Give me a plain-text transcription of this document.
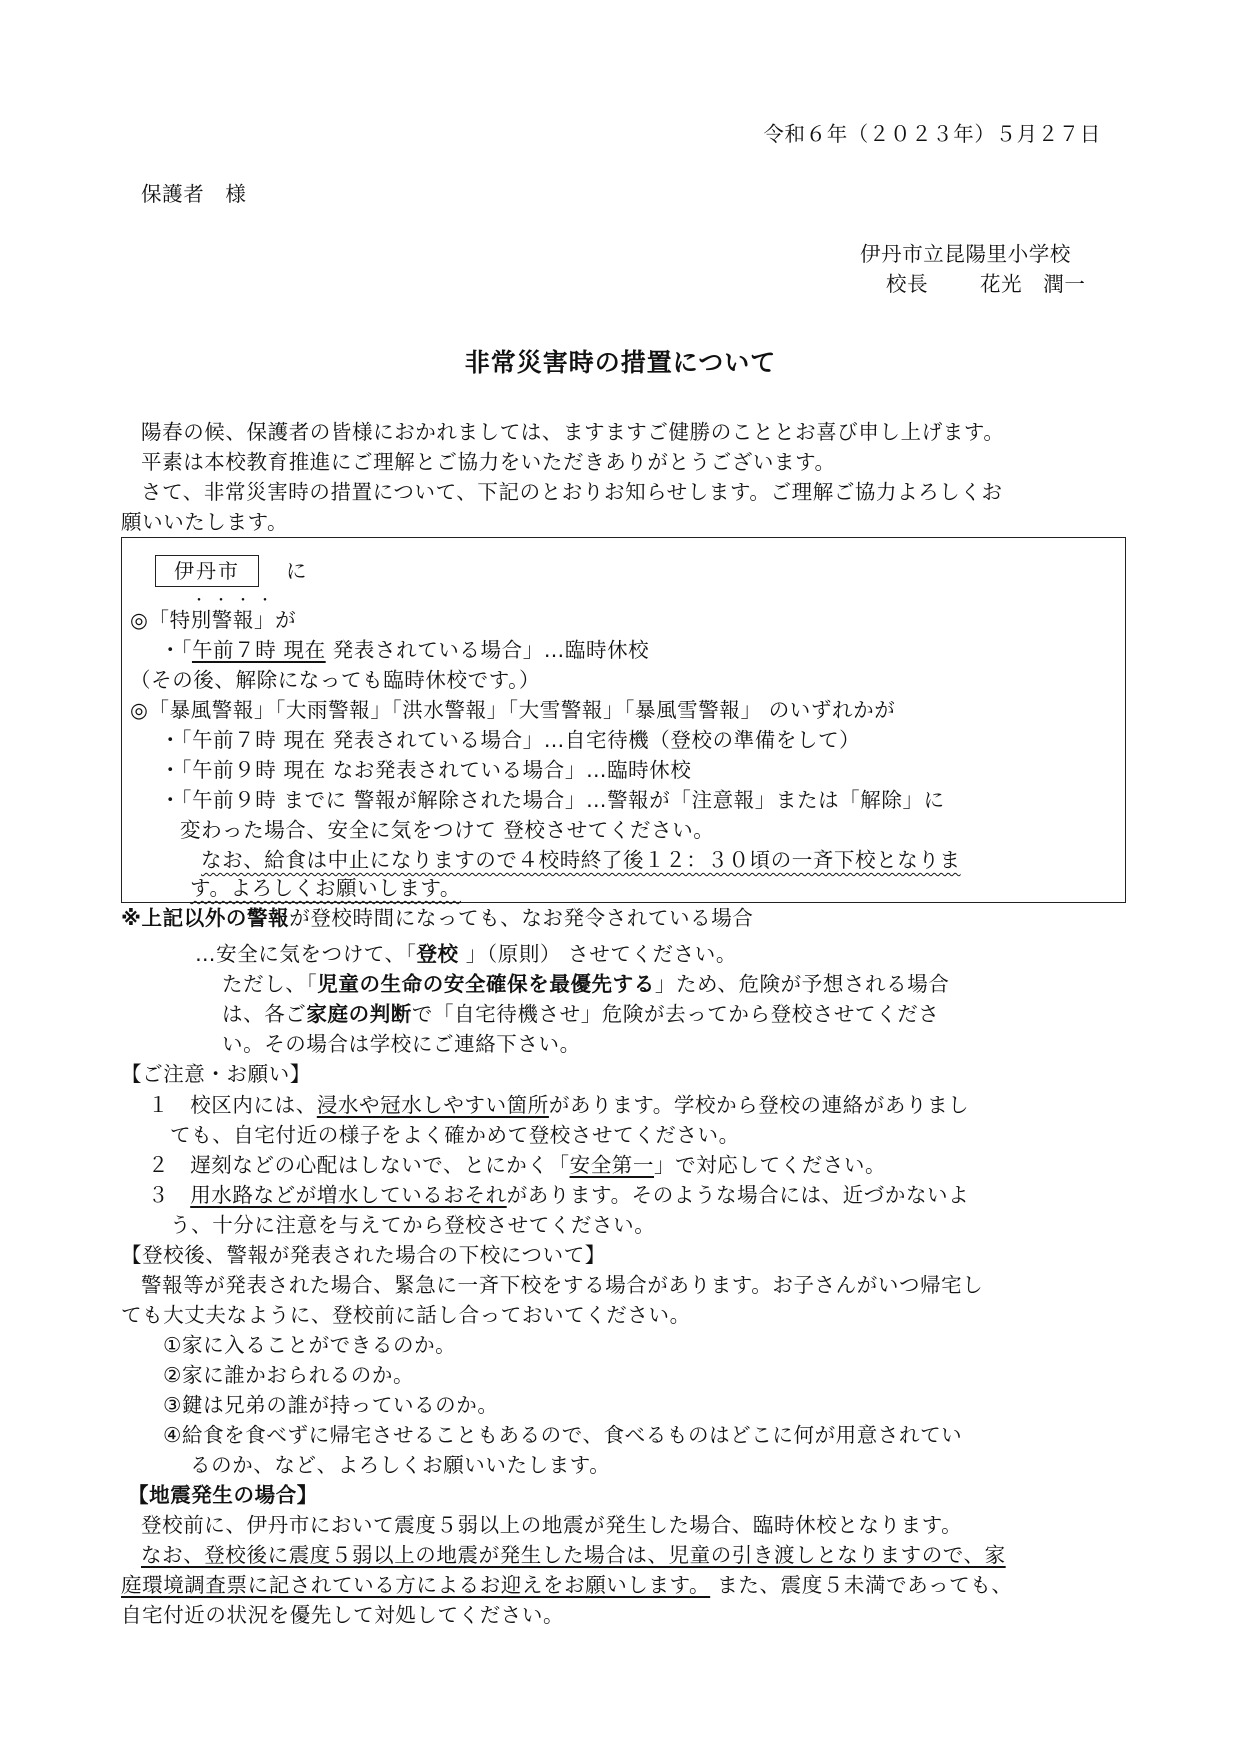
令和６年（２０２３年）５月２７日
保護者　様
伊丹市立昆陽里小学校
校長	花光　潤一
非常災害時の措置について
陽春の候、保護者の皆様におかれましては、ますますご健勝のこととお喜び申し上げます。
平素は本校教育推進にご理解とご協力をいただきありがとうございます。
さて、非常災害時の措置について、下記のとおりお知らせします。ご理解ご協力よろしくお
願いいたします。
伊丹市	に
・ ・ ・ ・
◎「特別警報」が
・「午前７時 現在 発表されている場合」…臨時休校
（その後、解除になっても臨時休校です。）
◎「暴風警報」「大雨警報」「洪水警報」「大雪警報」「暴風雪警報」 のいずれかが
・「午前７時 現在 発表されている場合」…自宅待機（登校の準備をして）
・「午前９時 現在 なお発表されている場合」…臨時休校
・「午前９時 までに 警報が解除された場合」…警報が「注意報」または「解除」に
変わった場合、安全に気をつけて 登校させてください。
なお、給食は中止になりますので４校時終了後１２：３０頃の一斉下校となりま
す。よろしくお願いします。
※上記以外の警報が登校時間になっても、なお発令されている場合
…安全に気をつけて、「登校 」（原則） させてください。
ただし、「児童の生命の安全確保を最優先する」ため、危険が予想される場合
は、各ご家庭の判断で「自宅待機させ」危険が去ってから登校させてくださ
い。その場合は学校にご連絡下さい。
【ご注意・お願い】
１　校区内には、浸水や冠水しやすい箇所があります。学校から登校の連絡がありまし
ても、自宅付近の様子をよく確かめて登校させてください。
２　遅刻などの心配はしないで、とにかく「安全第一」で対応してください。
３　用水路などが増水しているおそれがあります。そのような場合には、近づかないよ
う、十分に注意を与えてから登校させてください。
【登校後、警報が発表された場合の下校について】
警報等が発表された場合、緊急に一斉下校をする場合があります。お子さんがいつ帰宅し
ても大丈夫なように、登校前に話し合っておいてください。
①家に入ることができるのか。
②家に誰かおられるのか。
③鍵は兄弟の誰が持っているのか。
④給食を食べずに帰宅させることもあるので、食べるものはどこに何が用意されてい
るのか、など、よろしくお願いいたします。
【地震発生の場合】
登校前に、伊丹市において震度５弱以上の地震が発生した場合、臨時休校となります。
なお、登校後に震度５弱以上の地震が発生した場合は、児童の引き渡しとなりますので、家
庭環境調査票に記されている方によるお迎えをお願いします。 また、震度５未満であっても、
自宅付近の状況を優先して対処してください。
